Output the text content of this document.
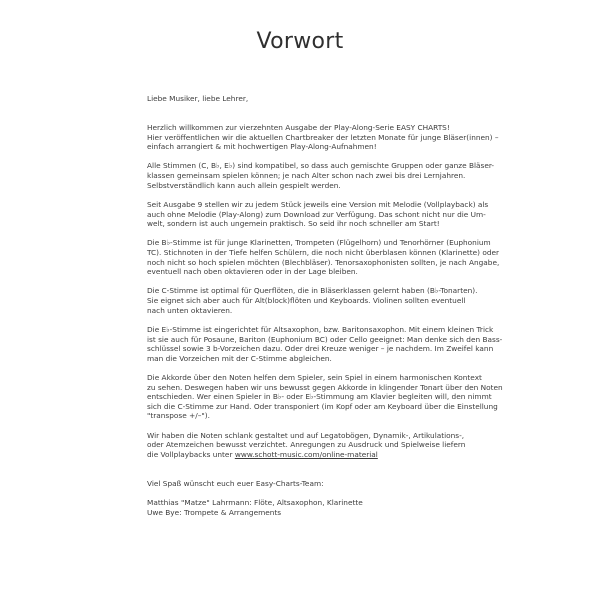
Vorwort

Liebe Musiker, liebe Lehrer,

Herzlich willkommen zur vierzehnten Ausgabe der Play-Along-Serie EASY CHARTS!
Hier veröffentlichen wir die aktuellen Chartbreaker der letzten Monate für junge Bläser(innen) –
einfach arrangiert & mit hochwertigen Play-Along-Aufnahmen!

Alle Stimmen (C, B♭, E♭) sind kompatibel, so dass auch gemischte Gruppen oder ganze Bläser-
klassen gemeinsam spielen können; je nach Alter schon nach zwei bis drei Lernjahren.
Selbstverständlich kann auch allein gespielt werden.

Seit Ausgabe 9 stellen wir zu jedem Stück jeweils eine Version mit Melodie (Vollplayback) als
auch ohne Melodie (Play-Along) zum Download zur Verfügung. Das schont nicht nur die Um-
welt, sondern ist auch ungemein praktisch. So seid ihr noch schneller am Start!

Die B♭-Stimme ist für junge Klarinetten, Trompeten (Flügelhorn) und Tenorhörner (Euphonium
TC). Stichnoten in der Tiefe helfen Schülern, die noch nicht überblasen können (Klarinette) oder
noch nicht so hoch spielen möchten (Blechbläser). Tenorsaxophonisten sollten, je nach Angabe,
eventuell nach oben oktavieren oder in der Lage bleiben.

Die C-Stimme ist optimal für Querflöten, die in Bläserklassen gelernt haben (B♭-Tonarten).
Sie eignet sich aber auch für Alt(block)flöten und Keyboards. Violinen sollten eventuell
nach unten oktavieren.

Die E♭-Stimme ist eingerichtet für Altsaxophon, bzw. Baritonsaxophon. Mit einem kleinen Trick
ist sie auch für Posaune, Bariton (Euphonium BC) oder Cello geeignet: Man denke sich den Bass-
schlüssel sowie 3 b-Vorzeichen dazu. Oder drei Kreuze weniger – je nachdem. Im Zweifel kann
man die Vorzeichen mit der C-Stimme abgleichen.

Die Akkorde über den Noten helfen dem Spieler, sein Spiel in einem harmonischen Kontext
zu sehen. Deswegen haben wir uns bewusst gegen Akkorde in klingender Tonart über den Noten
entschieden. Wer einen Spieler in B♭- oder E♭-Stimmung am Klavier begleiten will, den nimmt
sich die C-Stimme zur Hand. Oder transponiert (im Kopf oder am Keyboard über die Einstellung
"transpose +/–").

Wir haben die Noten schlank gestaltet und auf Legatobögen, Dynamik-, Artikulations-,
oder Atemzeichen bewusst verzichtet. Anregungen zu Ausdruck und Spielweise liefern
die Vollplaybacks unter www.schott-music.com/online-material

Viel Spaß wünscht euch euer Easy-Charts-Team:

Matthias "Matze" Lahrmann: Flöte, Altsaxophon, Klarinette

Uwe Bye: Trompete & Arrangements
